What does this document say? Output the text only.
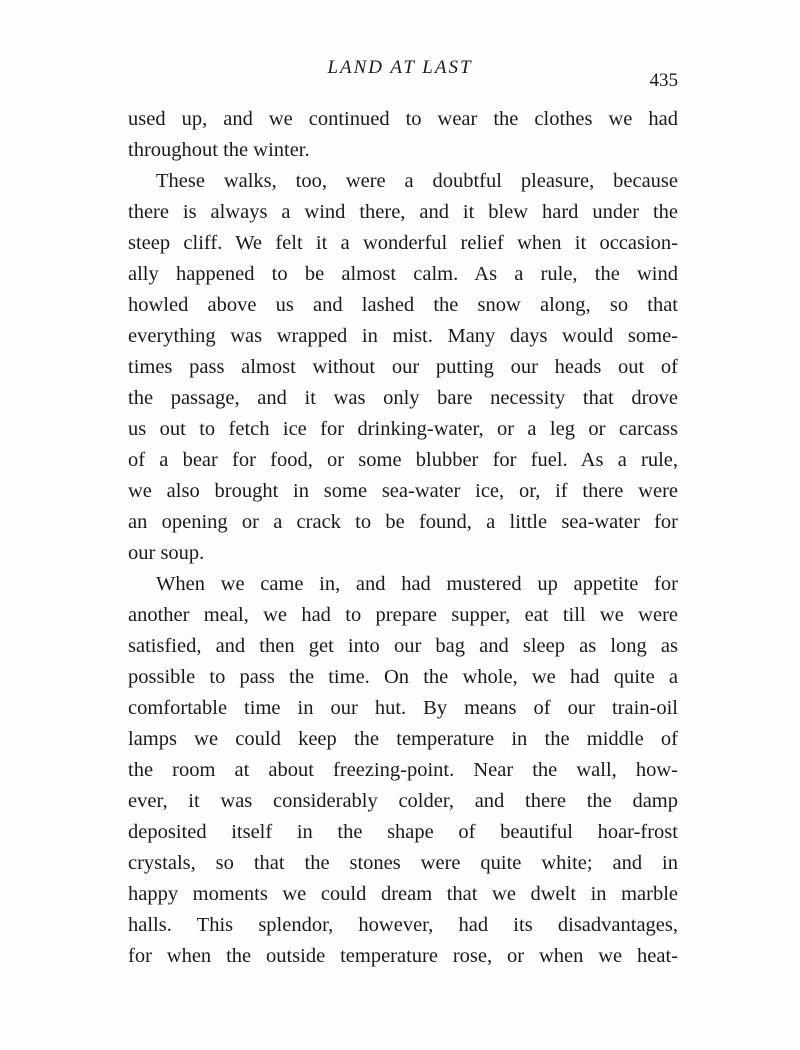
LAND AT LAST
435
used up, and we continued to wear the clothes we had
throughout the winter.
These walks, too, were a doubtful pleasure, because
there is always a wind there, and it blew hard under the
steep cliff. We felt it a wonderful relief when it occasion-
ally happened to be almost calm. As a rule, the wind
howled above us and lashed the snow along, so that
everything was wrapped in mist. Many days would some-
times pass almost without our putting our heads out of
the passage, and it was only bare necessity that drove
us out to fetch ice for drinking-water, or a leg or carcass
of a bear for food, or some blubber for fuel. As a rule,
we also brought in some sea-water ice, or, if there were
an opening or a crack to be found, a little sea-water for
our soup.
When we came in, and had mustered up appetite for
another meal, we had to prepare supper, eat till we were
satisfied, and then get into our bag and sleep as long as
possible to pass the time. On the whole, we had quite a
comfortable time in our hut. By means of our train-oil
lamps we could keep the temperature in the middle of
the room at about freezing-point. Near the wall, how-
ever, it was considerably colder, and there the damp
deposited itself in the shape of beautiful hoar-frost
crystals, so that the stones were quite white; and in
happy moments we could dream that we dwelt in marble
halls. This splendor, however, had its disadvantages,
for when the outside temperature rose, or when we heat-
